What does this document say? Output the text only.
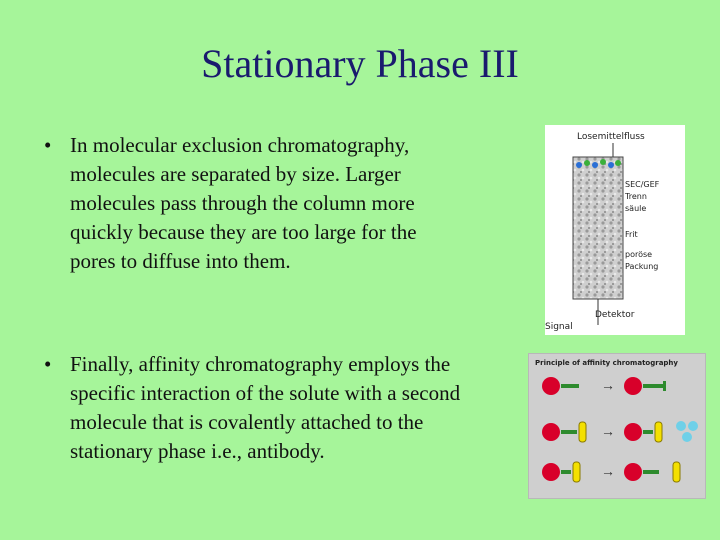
Stationary Phase III
• In molecular exclusion chromatography,
molecules are separated by size. Larger
molecules pass through the column more
quickly because they are too large for the
pores to diffuse into them.
• Finally, affinity chromatography employs the
specific interaction of the solute with a second
molecule that is covalently attached to the
stationary phase i.e., antibody.
Losemittelfluss
SEC/GEF
Trenn
säule
Frit
poröse
Packung
Detektor
Signal
Principle of affinity chromatography
→
→
→
